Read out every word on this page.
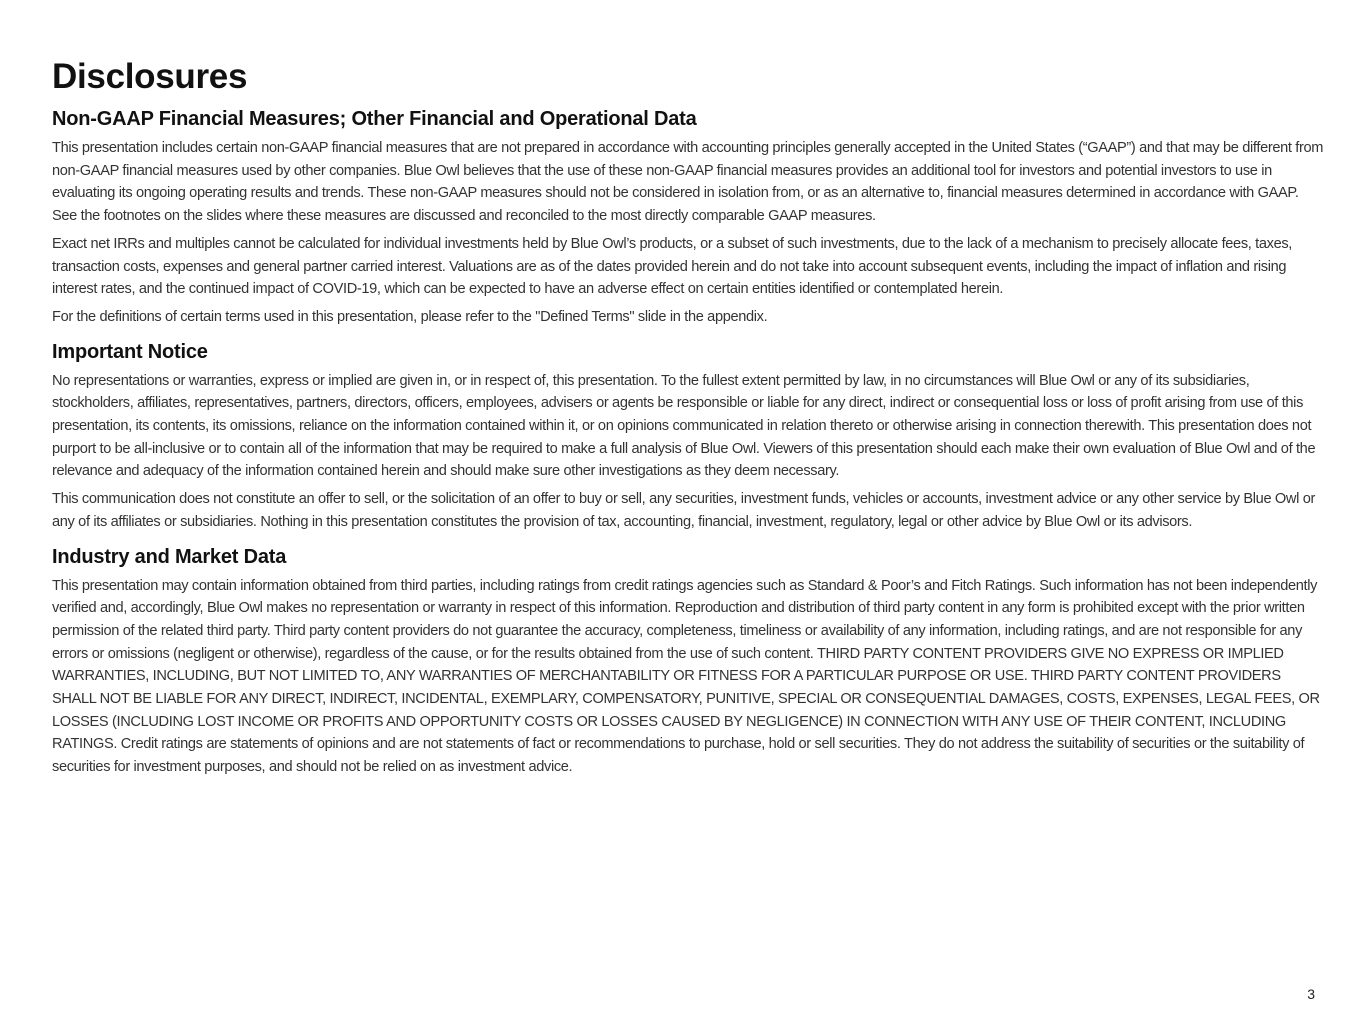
Disclosures
Non-GAAP Financial Measures; Other Financial and Operational Data

This presentation includes certain non-GAAP financial measures that are not prepared in accordance with accounting principles generally accepted in the United States (“GAAP”) and that may be different from non-GAAP financial measures used by other companies. Blue Owl believes that the use of these non-GAAP financial measures provides an additional tool for investors and potential investors to use in evaluating its ongoing operating results and trends. These non-GAAP measures should not be considered in isolation from, or as an alternative to, financial measures determined in accordance with GAAP. See the footnotes on the slides where these measures are discussed and reconciled to the most directly comparable GAAP measures.

Exact net IRRs and multiples cannot be calculated for individual investments held by Blue Owl’s products, or a subset of such investments, due to the lack of a mechanism to precisely allocate fees, taxes, transaction costs, expenses and general partner carried interest. Valuations are as of the dates provided herein and do not take into account subsequent events, including the impact of inflation and rising interest rates, and the continued impact of COVID-19, which can be expected to have an adverse effect on certain entities identified or contemplated herein.

For the definitions of certain terms used in this presentation, please refer to the "Defined Terms" slide in the appendix.

Important Notice

No representations or warranties, express or implied are given in, or in respect of, this presentation. To the fullest extent permitted by law, in no circumstances will Blue Owl or any of its subsidiaries, stockholders, affiliates, representatives, partners, directors, officers, employees, advisers or agents be responsible or liable for any direct, indirect or consequential loss or loss of profit arising from use of this presentation, its contents, its omissions, reliance on the information contained within it, or on opinions communicated in relation thereto or otherwise arising in connection therewith. This presentation does not purport to be all-inclusive or to contain all of the information that may be required to make a full analysis of Blue Owl. Viewers of this presentation should each make their own evaluation of Blue Owl and of the relevance and adequacy of the information contained herein and should make sure other investigations as they deem necessary.

This communication does not constitute an offer to sell, or the solicitation of an offer to buy or sell, any securities, investment funds, vehicles or accounts, investment advice or any other service by Blue Owl or any of its affiliates or subsidiaries. Nothing in this presentation constitutes the provision of tax, accounting, financial, investment, regulatory, legal or other advice by Blue Owl or its advisors.

Industry and Market Data

This presentation may contain information obtained from third parties, including ratings from credit ratings agencies such as Standard & Poor’s and Fitch Ratings. Such information has not been independently verified and, accordingly, Blue Owl makes no representation or warranty in respect of this information. Reproduction and distribution of third party content in any form is prohibited except with the prior written permission of the related third party. Third party content providers do not guarantee the accuracy, completeness, timeliness or availability of any information, including ratings, and are not responsible for any errors or omissions (negligent or otherwise), regardless of the cause, or for the results obtained from the use of such content. THIRD PARTY CONTENT PROVIDERS GIVE NO EXPRESS OR IMPLIED WARRANTIES, INCLUDING, BUT NOT LIMITED TO, ANY WARRANTIES OF MERCHANTABILITY OR FITNESS FOR A PARTICULAR PURPOSE OR USE. THIRD PARTY CONTENT PROVIDERS SHALL NOT BE LIABLE FOR ANY DIRECT, INDIRECT, INCIDENTAL, EXEMPLARY, COMPENSATORY, PUNITIVE, SPECIAL OR CONSEQUENTIAL DAMAGES, COSTS, EXPENSES, LEGAL FEES, OR LOSSES (INCLUDING LOST INCOME OR PROFITS AND OPPORTUNITY COSTS OR LOSSES CAUSED BY NEGLIGENCE) IN CONNECTION WITH ANY USE OF THEIR CONTENT, INCLUDING RATINGS. Credit ratings are statements of opinions and are not statements of fact or recommendations to purchase, hold or sell securities. They do not address the suitability of securities or the suitability of securities for investment purposes, and should not be relied on as investment advice.

3
